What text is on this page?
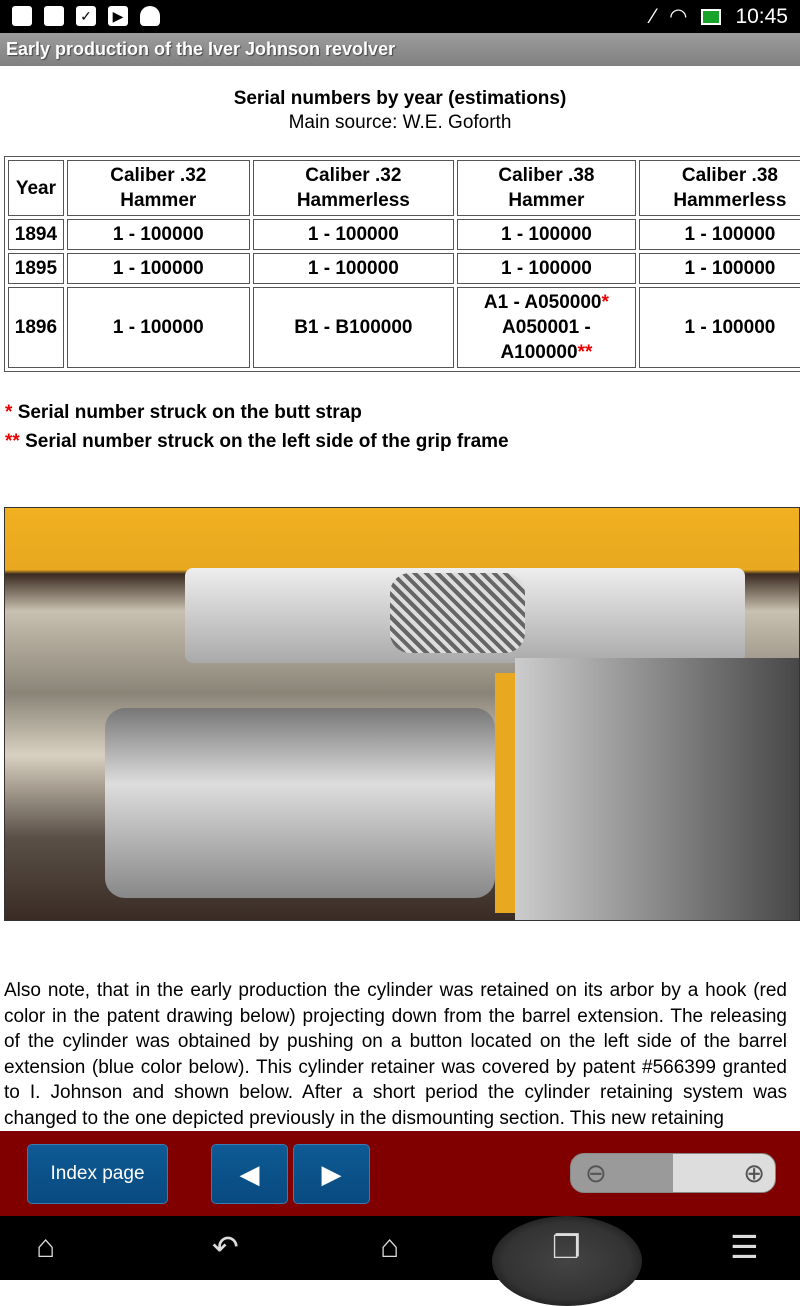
✓	▶	⁄ ◠ 10:45
Early production of the Iver Johnson revolver
Serial numbers by year (estimations)
Main source: W.E. Goforth
Year	Caliber .32 Hammer	Caliber .32 Hammerless	Caliber .38 Hammer	Caliber .38 Hammerless
1894	1 - 100000	1 - 100000	1 - 100000	1 - 100000
1895	1 - 100000	1 - 100000	1 - 100000	1 - 100000
1896	1 - 100000	B1 - B100000	A1 - A050000*
A050001 -
A100000**	1 - 100000
* Serial number struck on the butt strap
** Serial number struck on the left side of the grip frame
Also note, that in the early production the cylinder was retained on its arbor by a hook (red color in the patent drawing below) projecting down from the barrel extension. The releasing of the cylinder was obtained by pushing on a button located on the left side of the barrel extension (blue color below). This cylinder retainer was covered by patent #566399 granted to I. Johnson and shown below. After a short period the cylinder retaining system was changed to the one depicted previously in the dismounting section. This new retaining
Index page	◀	▶	⊖	⊕
⌂	↶	⌂	❐	☰
